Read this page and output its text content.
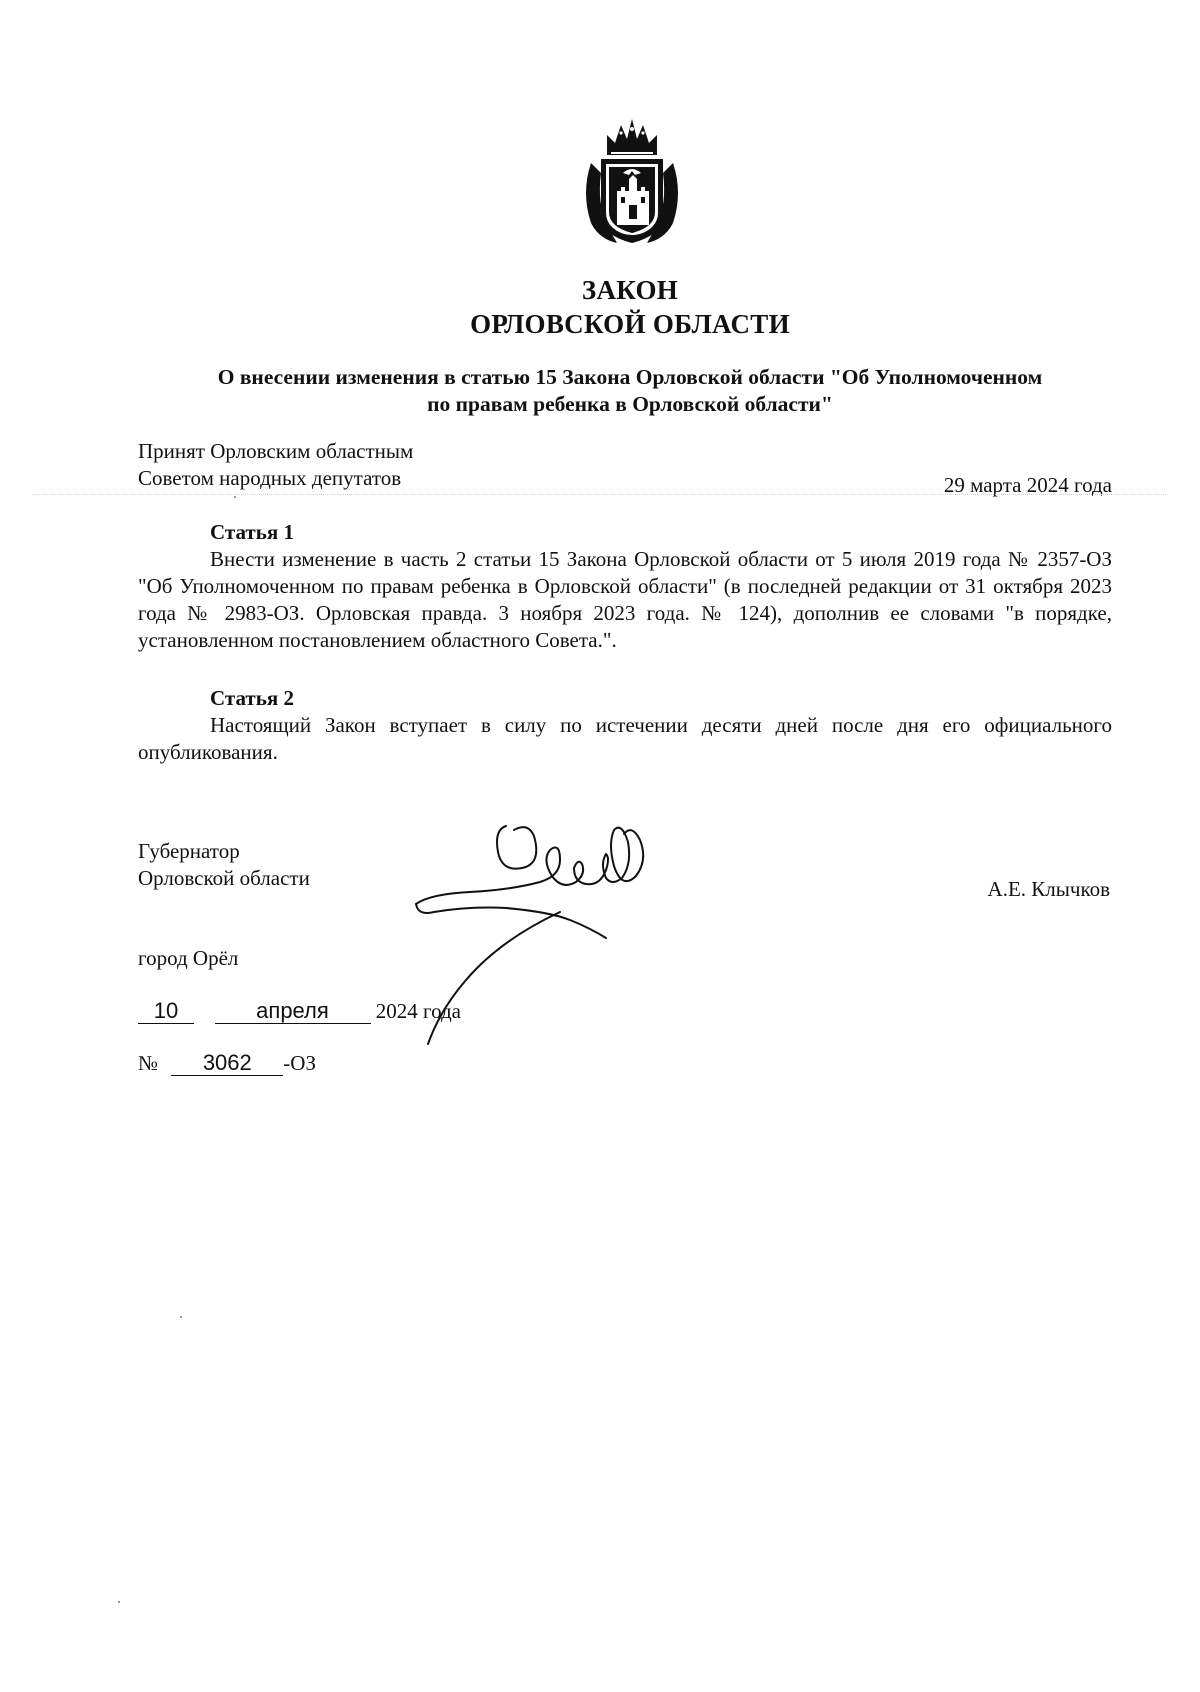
ЗАКОН
ОРЛОВСКОЙ ОБЛАСТИ
О внесении изменения в статью 15 Закона Орловской области "Об Уполномоченном
по правам ребенка в Орловской области"
Принят Орловским областным
Советом народных депутатов	29 марта 2024 года
Статья 1
Внести изменение в часть 2 статьи 15 Закона Орловской области от 5 июля 2019 года № 2357-ОЗ "Об Уполномоченном по правам ребенка в Орловской области" (в последней редакции от 31 октября 2023 года № 2983-ОЗ. Орловская правда. 3 ноября 2023 года. № 124), дополнив ее словами "в порядке, установленном постановлением областного Совета.".
Статья 2
Настоящий Закон вступает в силу по истечении десяти дней после дня его официального опубликования.
Губернатор
Орловской области	А.Е. Клычков
город Орёл
10	апреля 2024 года
№ 3062 -ОЗ
